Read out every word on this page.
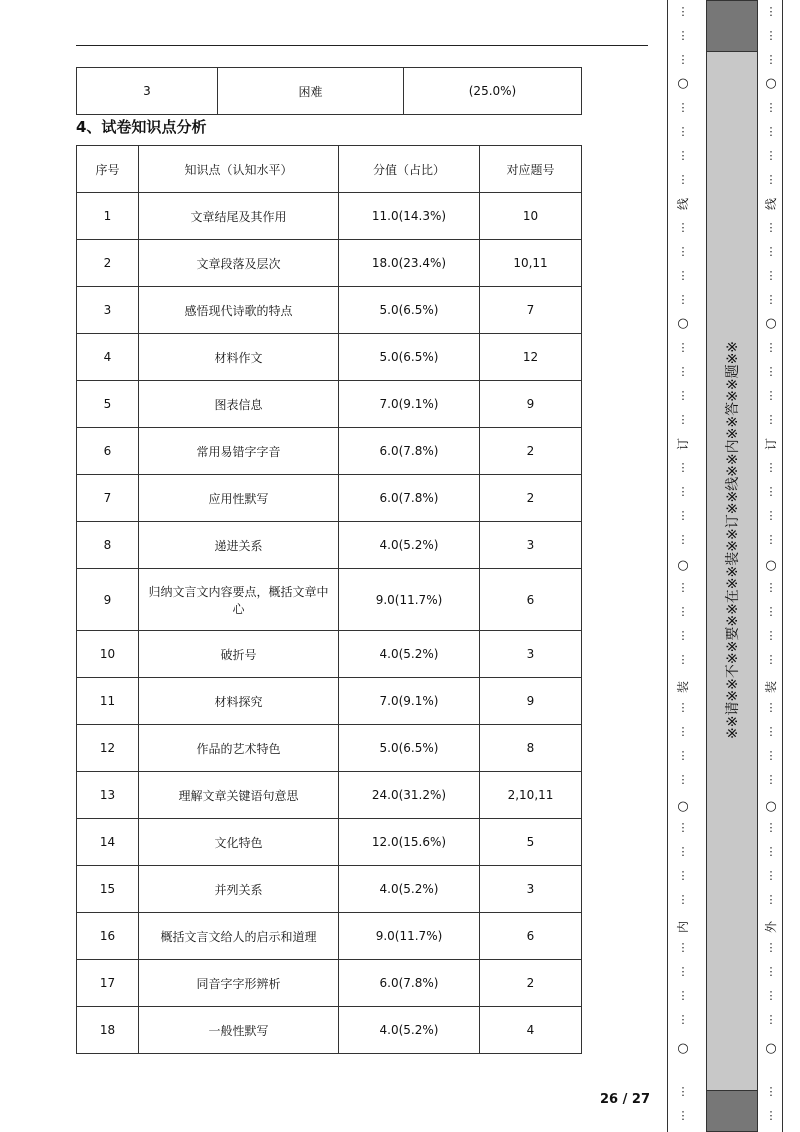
3	困难	(25.0%)
4、试卷知识点分析
序号	知识点（认知水平）	分值（占比）	对应题号
1	文章结尾及其作用	11.0(14.3%)	10
2	文章段落及层次	18.0(23.4%)	10,11
3	感悟现代诗歌的特点	5.0(6.5%)	7
4	材料作文	5.0(6.5%)	12
5	图表信息	7.0(9.1%)	9
6	常用易错字字音	6.0(7.8%)	2
7	应用性默写	6.0(7.8%)	2
8	递进关系	4.0(5.2%)	3
9	归纳文言文内容要点，概括文章中心	9.0(11.7%)	6
10	破折号	4.0(5.2%)	3
11	材料探究	7.0(9.1%)	9
12	作品的艺术特色	5.0(6.5%)	8
13	理解文章关键语句意思	24.0(31.2%)	2,10,11
14	文化特色	12.0(15.6%)	5
15	并列关系	4.0(5.2%)	3
16	概括文言文给人的启示和道理	9.0(11.7%)	6
17	同音字字形辨析	6.0(7.8%)	2
18	一般性默写	4.0(5.2%)	4
26 / 27
※※请※※不※※要※※在※※装※※订※※线※※内※※答※※题※※
⋮
⋮
⋮
⋮
⋮
⋮
⋮
⋮
⋮
⋮
⋮
⋮
⋮
⋮
⋮
⋮
⋮
⋮
⋮
⋮
⋮
⋮
⋮
⋮
⋮
⋮
⋮
⋮
⋮
⋮
⋮
⋮
⋮
⋮
⋮
⋮
⋮
○
○
○
○
○
线
订
装
内
⋮
⋮
⋮
⋮
⋮
⋮
⋮
⋮
⋮
⋮
⋮
⋮
⋮
⋮
⋮
⋮
⋮
⋮
⋮
⋮
⋮
⋮
⋮
⋮
⋮
⋮
⋮
⋮
⋮
⋮
⋮
⋮
⋮
⋮
⋮
⋮
⋮
○
○
○
○
○
线
订
装
外
